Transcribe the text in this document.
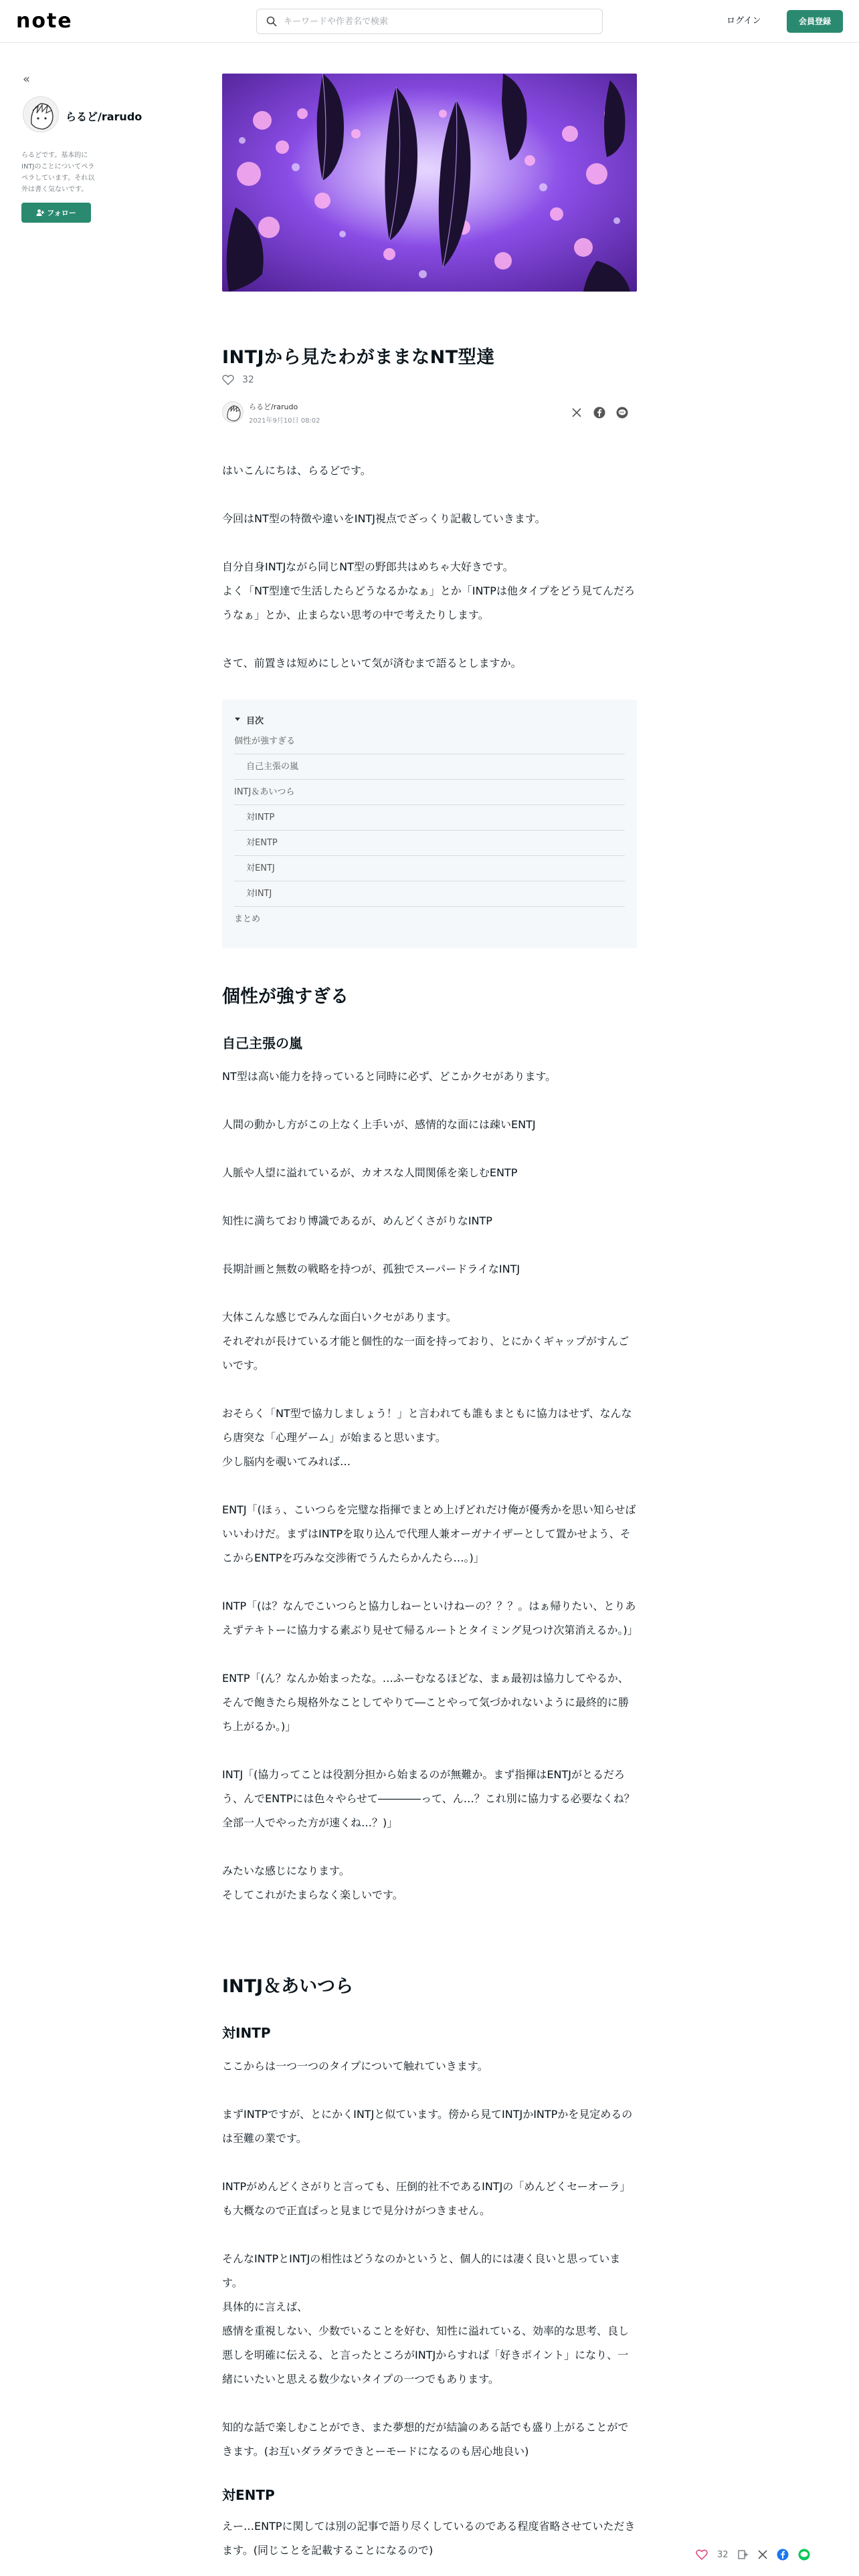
note
キーワードや作者名で検索	ログイン	会員登録
«
らるど/rarudo
らるどです。基本的にINTJのことについてペラペラしています。それ以外は書く気ないです。
フォロー
INTJから見たわがままなNT型達
32
らるど/rarudo
2021年9月10日 08:02
はいこんにちは、らるどです。
今回はNT型の特徴や違いをINTJ視点でざっくり記載していきます。
自分自身INTJながら同じNT型の野郎共はめちゃ大好きです。
よく「NT型達で生活したらどうなるかなぁ」とか「INTPは他タイプをどう見てんだろうなぁ」とか、止まらない思考の中で考えたりします。
さて、前置きは短めにしといて気が済むまで語るとしますか。
目次
個性が強すぎる
自己主張の嵐
INTJ＆あいつら
対INTP
対ENTP
対ENTJ
対INTJ
まとめ
個性が強すぎる
自己主張の嵐
NT型は高い能力を持っていると同時に必ず、どこかクセがあります。
人間の動かし方がこの上なく上手いが、感情的な面には疎いENTJ
人脈や人望に溢れているが、カオスな人間関係を楽しむENTP
知性に満ちており博識であるが、めんどくさがりなINTP
長期計画と無数の戦略を持つが、孤独でスーパードライなINTJ
大体こんな感じでみんな面白いクセがあります。
それぞれが長けている才能と個性的な一面を持っており、とにかくギャップがすんごいです。
おそらく「NT型で協力しましょう！」と言われても誰もまともに協力はせず、なんなら唐突な「心理ゲーム」が始まると思います。
少し脳内を覗いてみれば…
ENTJ「(ほぅ、こいつらを完璧な指揮でまとめ上げどれだけ俺が優秀かを思い知らせばいいわけだ。まずはINTPを取り込んで代理人兼オーガナイザーとして置かせよう、そこからENTPを巧みな交渉術でうんたらかんたら…。)」
INTP「(は？なんでこいつらと協力しねーといけねーの？？？。はぁ帰りたい、とりあえずテキトーに協力する素ぶり見せて帰るルートとタイミング見つけ次第消えるか。)」
ENTP「(ん？なんか始まったな。…ふーむなるほどな、まぁ最初は協力してやるか、そんで飽きたら規格外なことしてやりて―ことやって気づかれないように最終的に勝ち上がるか。)」
INTJ「(協力ってことは役割分担から始まるのが無難か。まず指揮はENTJがとるだろう、んでENTPには色々やらせて――――って、ん…？これ別に協力する必要なくね？全部一人でやった方が速くね…？)」
みたいな感じになります。
そしてこれがたまらなく楽しいです。
INTJ＆あいつら
対INTP
ここからは一つ一つのタイプについて触れていきます。
まずINTPですが、とにかくINTJと似ています。傍から見てINTJかINTPかを見定めるのは至難の業です。
INTPがめんどくさがりと言っても、圧倒的社不であるINTJの「めんどくセーオーラ」も大概なので正直ぱっと見まじで見分けがつきません。
そんなINTPとINTJの相性はどうなのかというと、個人的には凄く良いと思っています。
具体的に言えば、
感情を重視しない、少数でいることを好む、知性に溢れている、効率的な思考、良し悪しを明確に伝える、と言ったところがINTJからすれば「好きポイント」になり、一緒にいたいと思える数少ないタイプの一つでもあります。
知的な話で楽しむことができ、また夢想的だが結論のある話でも盛り上がることができます。(お互いダラダラできとーモードになるのも居心地良い)
対ENTP
えー…ENTPに関しては別の記事で語り尽くしているのである程度省略させていただきます。(同じことを記載することになるので)	32
